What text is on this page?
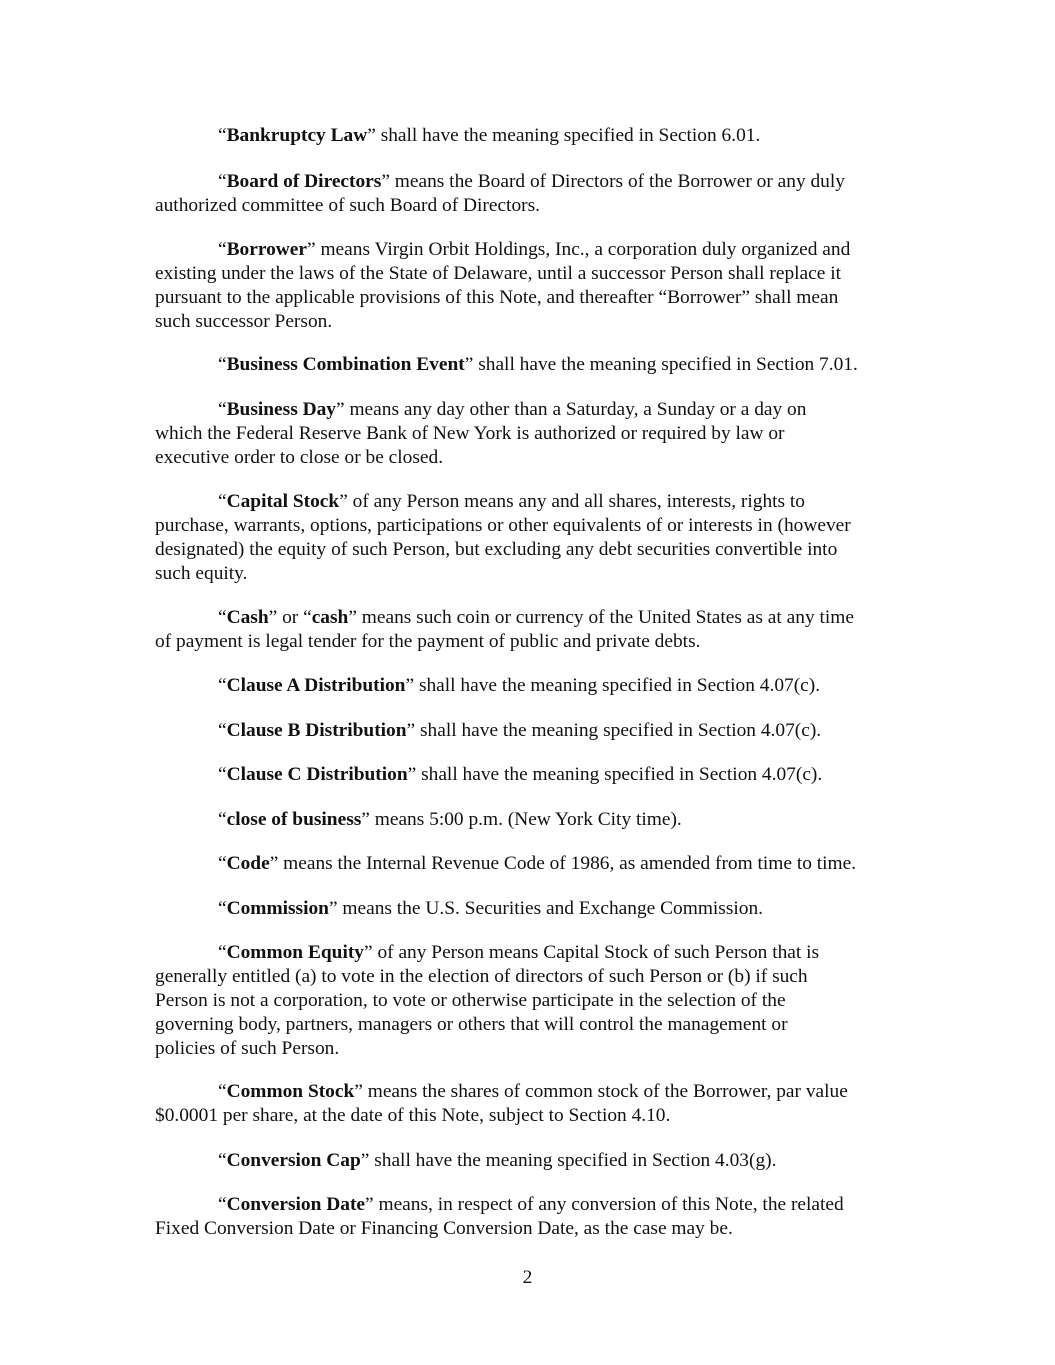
“Bankruptcy Law” shall have the meaning specified in Section 6.01.

“Board of Directors” means the Board of Directors of the Borrower or any duly
authorized committee of such Board of Directors.

“Borrower” means Virgin Orbit Holdings, Inc., a corporation duly organized and
existing under the laws of the State of Delaware, until a successor Person shall replace it
pursuant to the applicable provisions of this Note, and thereafter “Borrower” shall mean
such successor Person.

“Business Combination Event” shall have the meaning specified in Section 7.01.

“Business Day” means any day other than a Saturday, a Sunday or a day on
which the Federal Reserve Bank of New York is authorized or required by law or
executive order to close or be closed.

“Capital Stock” of any Person means any and all shares, interests, rights to
purchase, warrants, options, participations or other equivalents of or interests in (however
designated) the equity of such Person, but excluding any debt securities convertible into
such equity.

“Cash” or “cash” means such coin or currency of the United States as at any time
of payment is legal tender for the payment of public and private debts.

“Clause A Distribution” shall have the meaning specified in Section 4.07(c).

“Clause B Distribution” shall have the meaning specified in Section 4.07(c).

“Clause C Distribution” shall have the meaning specified in Section 4.07(c).

“close of business” means 5:00 p.m. (New York City time).

“Code” means the Internal Revenue Code of 1986, as amended from time to time.

“Commission” means the U.S. Securities and Exchange Commission.

“Common Equity” of any Person means Capital Stock of such Person that is
generally entitled (a) to vote in the election of directors of such Person or (b) if such
Person is not a corporation, to vote or otherwise participate in the selection of the
governing body, partners, managers or others that will control the management or
policies of such Person.

“Common Stock” means the shares of common stock of the Borrower, par value
$0.0001 per share, at the date of this Note, subject to Section 4.10.

“Conversion Cap” shall have the meaning specified in Section 4.03(g).

“Conversion Date” means, in respect of any conversion of this Note, the related
Fixed Conversion Date or Financing Conversion Date, as the case may be.

2
